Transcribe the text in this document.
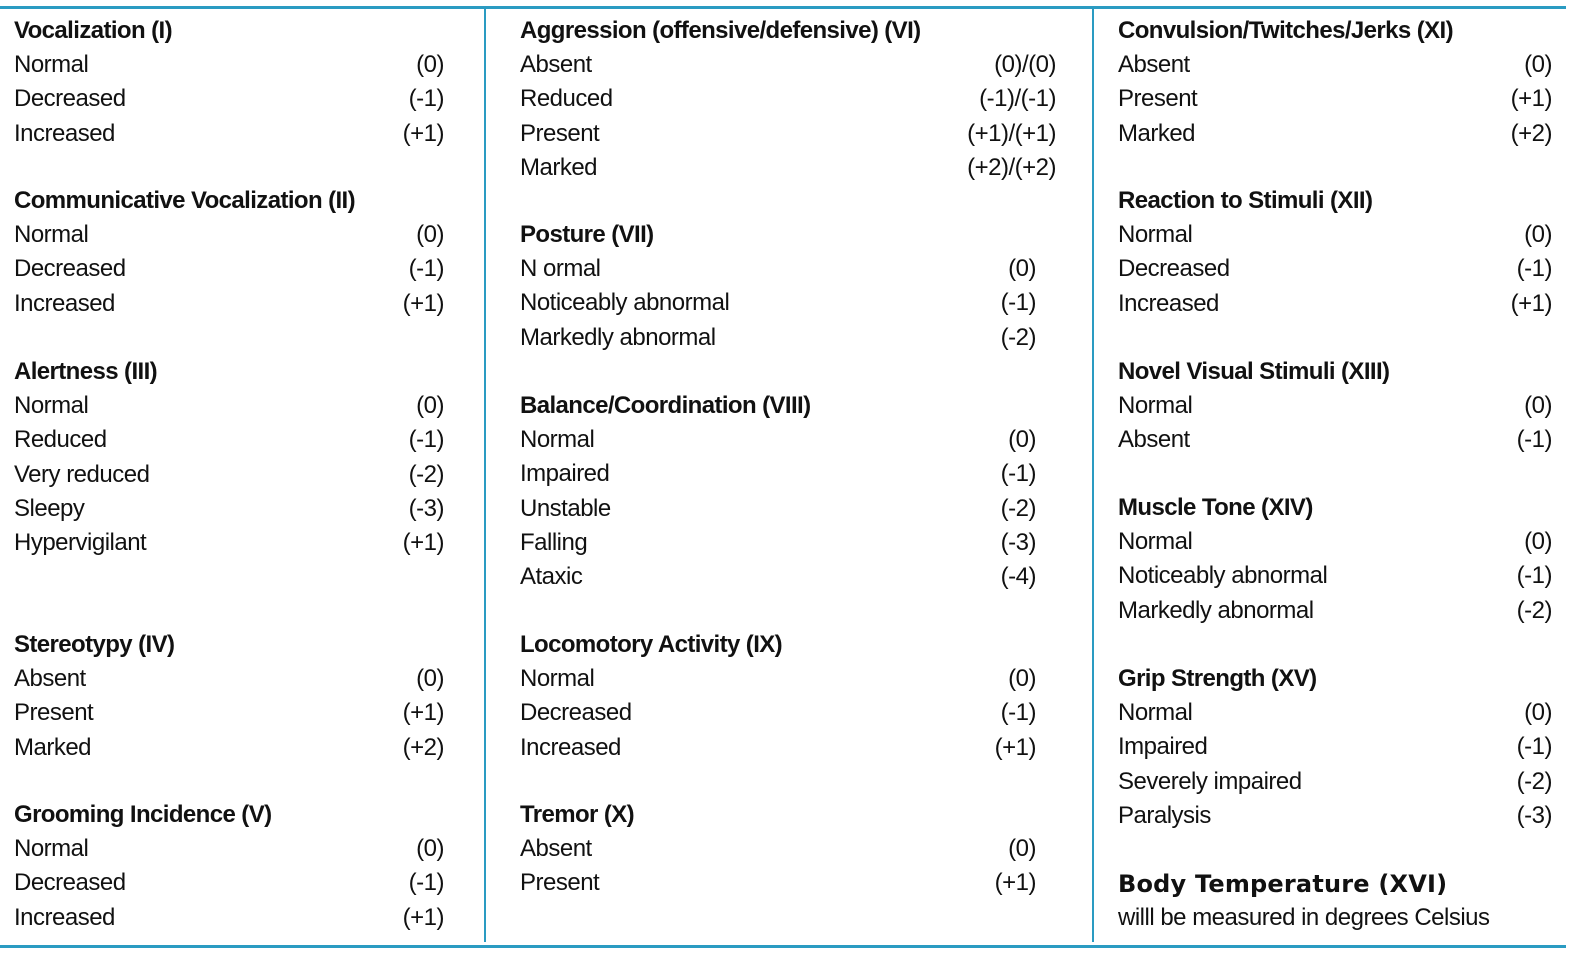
Vocalization (I)
Normal	(0)
Decreased	(-1)
Increased	(+1)
Communicative Vocalization (II)
Normal	(0)
Decreased	(-1)
Increased	(+1)
Alertness (III)
Normal	(0)
Reduced	(-1)
Very reduced	(-2)
Sleepy	(-3)
Hypervigilant	(+1)
Stereotypy (IV)
Absent	(0)
Present	(+1)
Marked	(+2)
Grooming Incidence (V)
Normal	(0)
Decreased	(-1)
Increased	(+1)
Aggression (offensive/defensive) (VI)
Absent	(0)/(0)
Reduced	(-1)/(-1)
Present	(+1)/(+1)
Marked	(+2)/(+2)
Posture (VII)
N ormal	(0)
Noticeably abnormal	(-1)
Markedly abnormal	(-2)
Balance/Coordination (VIII)
Normal	(0)
Impaired	(-1)
Unstable	(-2)
Falling	(-3)
Ataxic	(-4)
Locomotory Activity (IX)
Normal	(0)
Decreased	(-1)
Increased	(+1)
Tremor (X)
Absent	(0)
Present	(+1)
Convulsion/Twitches/Jerks (XI)
Absent	(0)
Present	(+1)
Marked	(+2)
Reaction to Stimuli (XII)
Normal	(0)
Decreased	(-1)
Increased	(+1)
Novel Visual Stimuli (XIII)
Normal	(0)
Absent	(-1)
Muscle Tone (XIV)
Normal	(0)
Noticeably abnormal	(-1)
Markedly abnormal	(-2)
Grip Strength (XV)
Normal	(0)
Impaired	(-1)
Severely impaired	(-2)
Paralysis	(-3)
Body Temperature (XVI)
willl be measured in degrees Celsius
